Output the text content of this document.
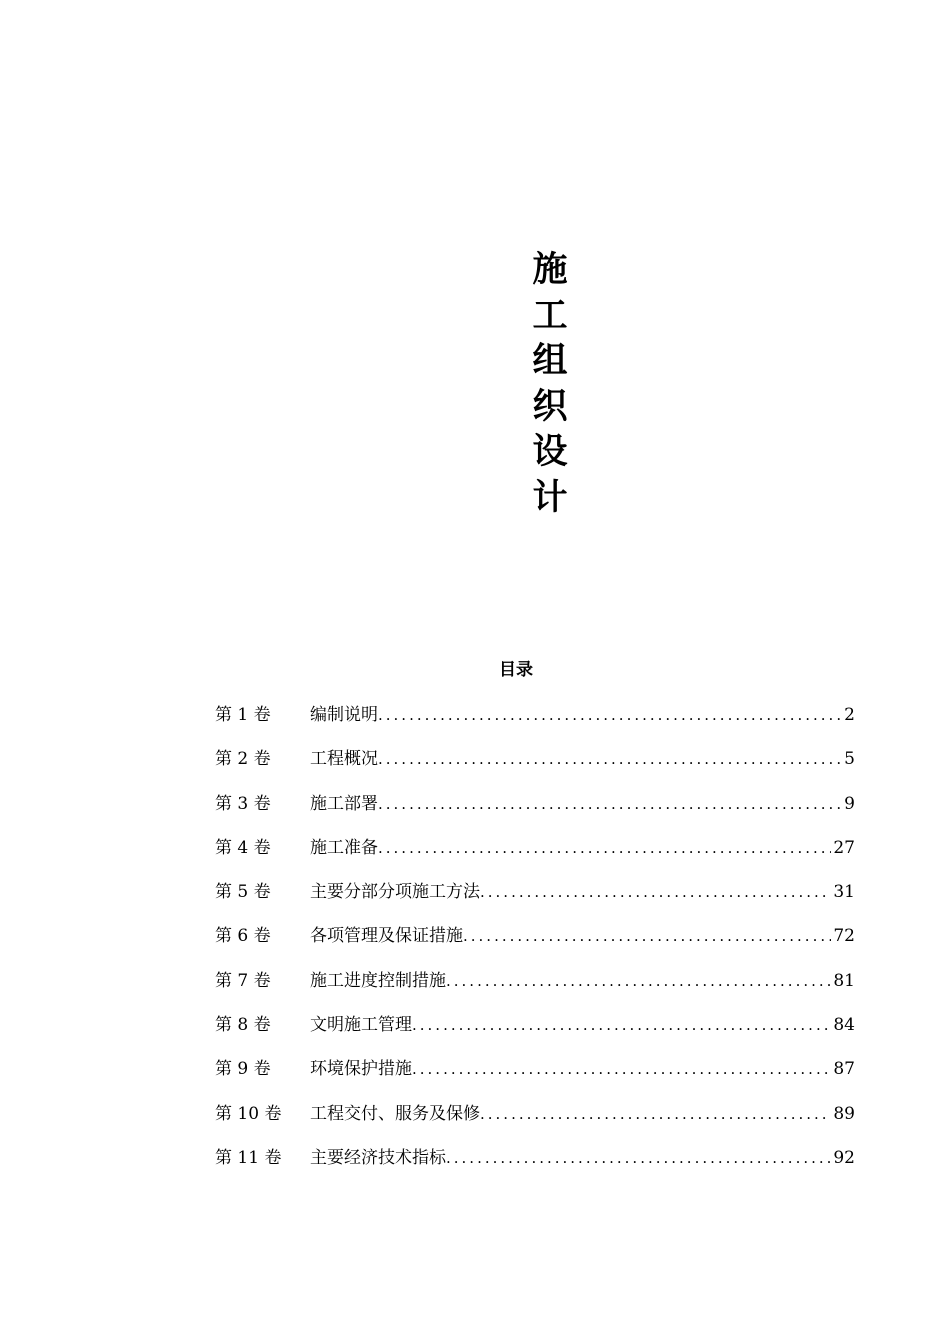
施
工
组
织
设
计
目录
第 1 卷	编制说明 .....	2
第 2 卷	工程概况 .....	5
第 3 卷	施工部署 .....	9
第 4 卷	施工准备 .....	27
第 5 卷	主要分部分项施工方法 .....	31
第 6 卷	各项管理及保证措施 .....	72
第 7 卷	施工进度控制措施 .....	81
第 8 卷	文明施工管理 .....	84
第 9 卷	环境保护措施 .....	87
第 10 卷	工程交付、服务及保修 .....	89
第 11 卷	主要经济技术指标 .....	92
